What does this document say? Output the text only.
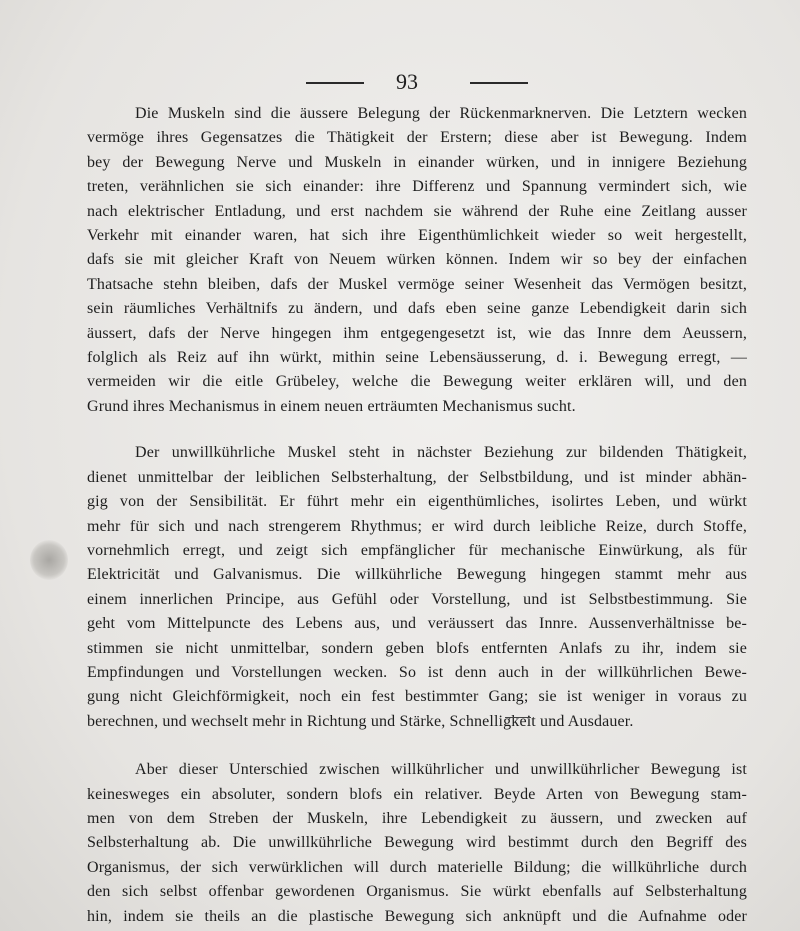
93

Die Muskeln sind die äussere Belegung der Rückenmarknerven. Die Letztern wecken
vermöge ihres Gegensatzes die Thätigkeit der Erstern; diese aber ist Bewegung. Indem
bey der Bewegung Nerve und Muskeln in einander würken, und in innigere Beziehung
treten, verähnlichen sie sich einander: ihre Differenz und Spannung vermindert sich, wie
nach elektrischer Entladung, und erst nachdem sie während der Ruhe eine Zeitlang ausser
Verkehr mit einander waren, hat sich ihre Eigenthümlichkeit wieder so weit hergestellt,
dafs sie mit gleicher Kraft von Neuem würken können. Indem wir so bey der einfachen
Thatsache stehn bleiben, dafs der Muskel vermöge seiner Wesenheit das Vermögen besitzt,
sein räumliches Verhältnifs zu ändern, und dafs eben seine ganze Lebendigkeit darin sich
äussert, dafs der Nerve hingegen ihm entgegengesetzt ist, wie das Innre dem Aeussern,
folglich als Reiz auf ihn würkt, mithin seine Lebensäusserung, d. i. Bewegung erregt, —
vermeiden wir die eitle Grübeley, welche die Bewegung weiter erklären will, und den
Grund ihres Mechanismus in einem neuen erträumten Mechanismus sucht.

Der unwillkührliche Muskel steht in nächster Beziehung zur bildenden Thätigkeit,
dienet unmittelbar der leiblichen Selbsterhaltung, der Selbstbildung, und ist minder abhän-
gig von der Sensibilität. Er führt mehr ein eigenthümliches, isolirtes Leben, und würkt
mehr für sich und nach strengerem Rhythmus; er wird durch leibliche Reize, durch Stoffe,
vornehmlich erregt, und zeigt sich empfänglicher für mechanische Einwürkung, als für
Elektricität und Galvanismus. Die willkührliche Bewegung hingegen stammt mehr aus
einem innerlichen Principe, aus Gefühl oder Vorstellung, und ist Selbstbestimmung. Sie
geht vom Mittelpuncte des Lebens aus, und veräussert das Innre. Aussenverhältnisse be-
stimmen sie nicht unmittelbar, sondern geben blofs entfernten Anlafs zu ihr, indem sie
Empfindungen und Vorstellungen wecken. So ist denn auch in der willkührlichen Bewe-
gung nicht Gleichförmigkeit, noch ein fest bestimmter Gang; sie ist weniger in voraus zu
berechnen, und wechselt mehr in Richtung und Stärke, Schnelligkeit und Ausdauer.

Aber dieser Unterschied zwischen willkührlicher und unwillkührlicher Bewegung ist
keinesweges ein absoluter, sondern blofs ein relativer. Beyde Arten von Bewegung stam-
men von dem Streben der Muskeln, ihre Lebendigkeit zu äussern, und zwecken auf
Selbsterhaltung ab. Die unwillkührliche Bewegung wird bestimmt durch den Begriff des
Organismus, der sich verwürklichen will durch materielle Bildung; die willkührliche durch
den sich selbst offenbar gewordenen Organismus. Sie würkt ebenfalls auf Selbsterhaltung
hin, indem sie theils an die plastische Bewegung sich anknüpft und die Aufnahme oder
